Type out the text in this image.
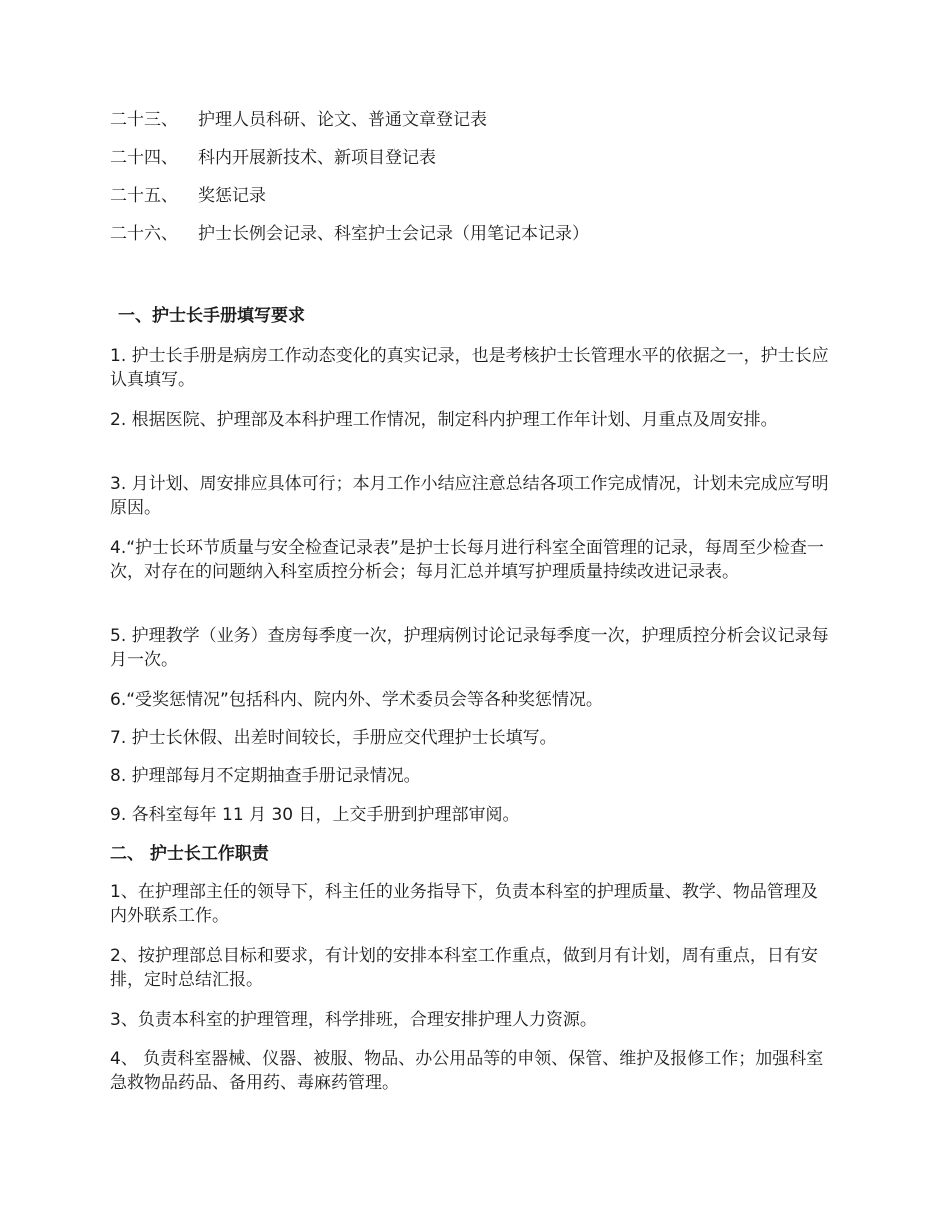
二十三、	护理人员科研、论文、普通文章登记表
二十四、	科内开展新技术、新项目登记表
二十五、	奖惩记录
二十六、	护士长例会记录、科室护士会记录（用笔记本记录）
一、护士长手册填写要求

1. 护士长手册是病房工作动态变化的真实记录，也是考核护士长管理水平的依据之一，护士长应认真填写。

2. 根据医院、护理部及本科护理工作情况，制定科内护理工作年计划、月重点及周安排。

3. 月计划、周安排应具体可行；本月工作小结应注意总结各项工作完成情况，计划未完成应写明原因。

4.“护士长环节质量与安全检查记录表”是护士长每月进行科室全面管理的记录，每周至少检查一次，对存在的问题纳入科室质控分析会；每月汇总并填写护理质量持续改进记录表。

5. 护理教学（业务）查房每季度一次，护理病例讨论记录每季度一次，护理质控分析会议记录每月一次。

6.“受奖惩情况”包括科内、院内外、学术委员会等各种奖惩情况。

7. 护士长休假、出差时间较长，手册应交代理护士长填写。

8. 护理部每月不定期抽查手册记录情况。

9. 各科室每年 11 月 30 日，上交手册到护理部审阅。

二、 护士长工作职责

1、在护理部主任的领导下，科主任的业务指导下，负责本科室的护理质量、教学、物品管理及内外联系工作。

2、按护理部总目标和要求，有计划的安排本科室工作重点，做到月有计划，周有重点，日有安排，定时总结汇报。

3、负责本科室的护理管理，科学排班，合理安排护理人力资源。

4、 负责科室器械、仪器、被服、物品、办公用品等的申领、保管、维护及报修工作；加强科室急救物品药品、备用药、毒麻药管理。
